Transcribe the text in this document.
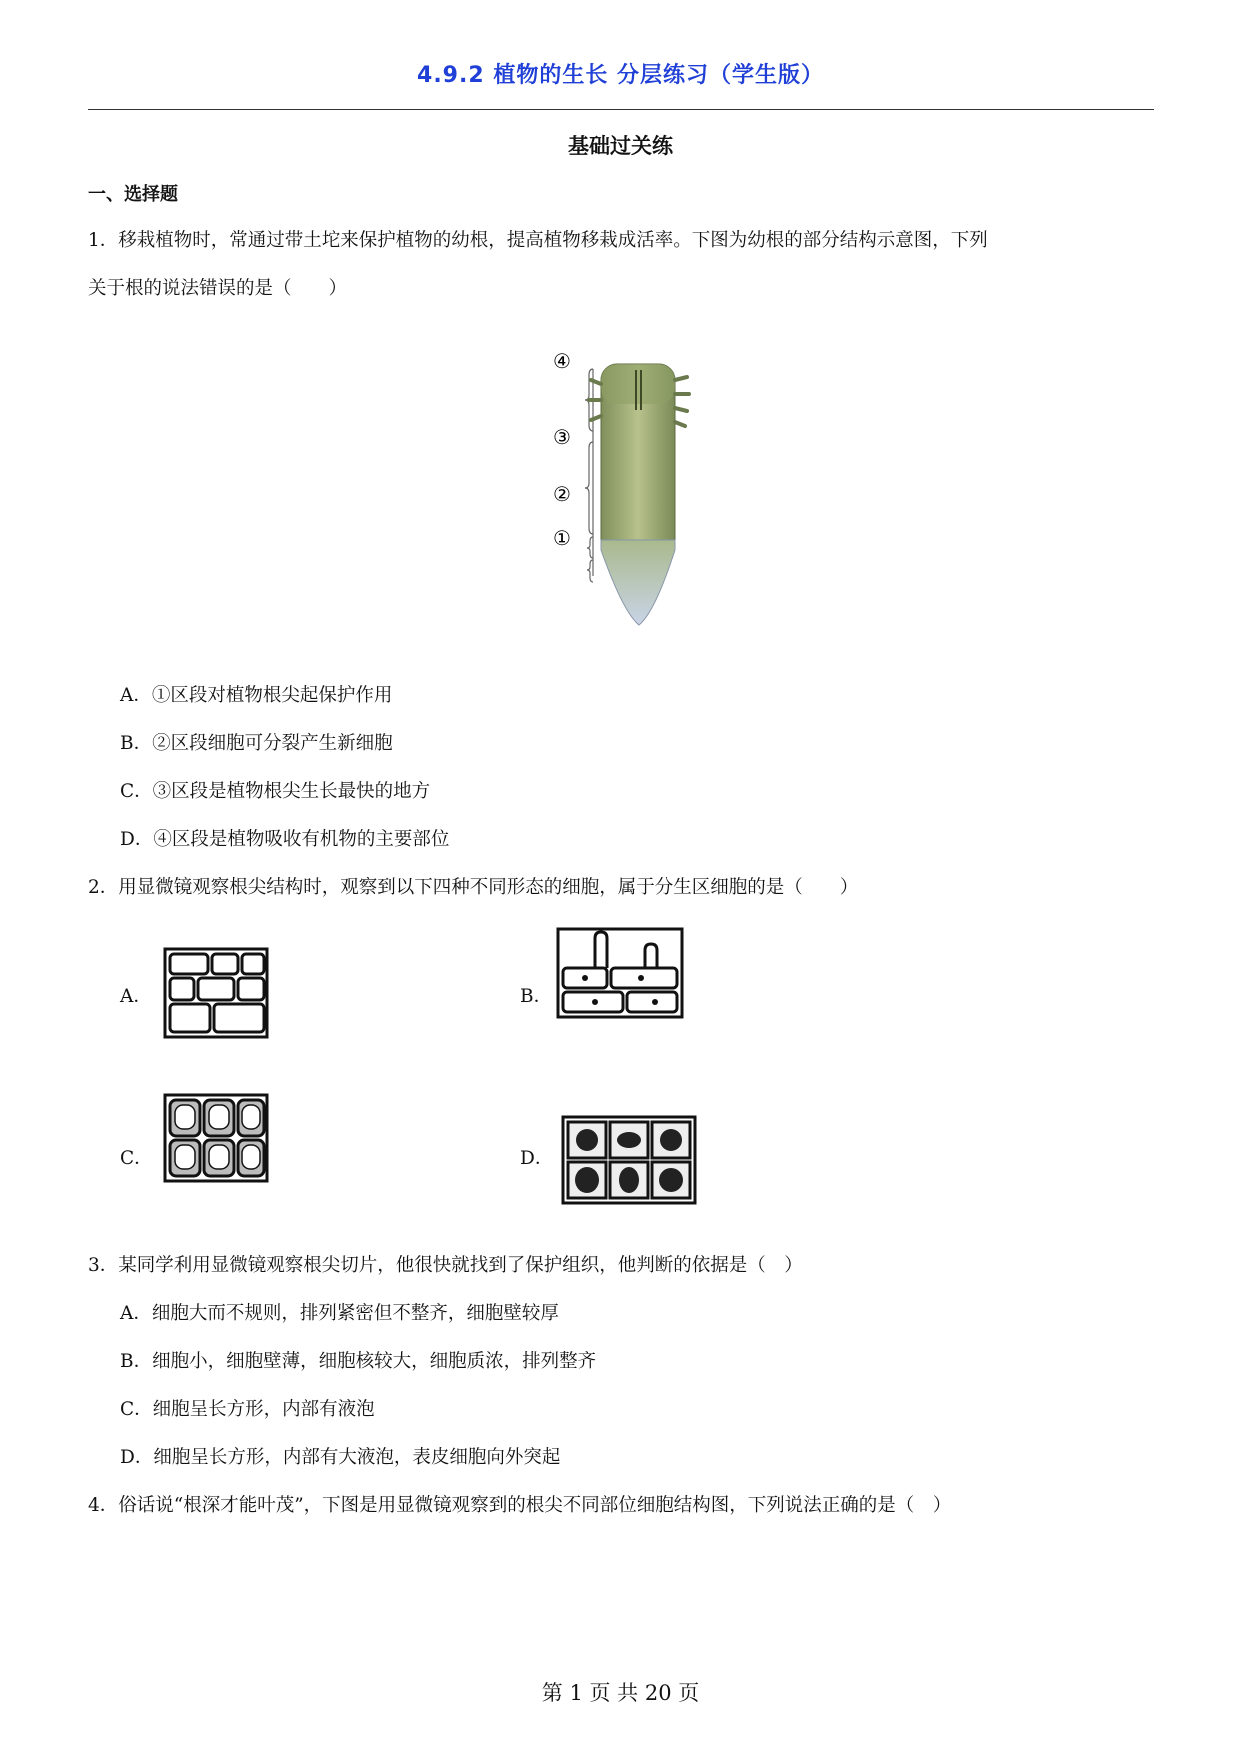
4.9.2 植物的生长 分层练习（学生版）
基础过关练
一、选择题
1．移栽植物时，常通过带土坨来保护植物的幼根，提高植物移栽成活率。下图为幼根的部分结构示意图，下列
关于根的说法错误的是（　　）
④
③
②
①
A．①区段对植物根尖起保护作用
B．②区段细胞可分裂产生新细胞
C．③区段是植物根尖生长最快的地方
D．④区段是植物吸收有机物的主要部位
2．用显微镜观察根尖结构时，观察到以下四种不同形态的细胞，属于分生区细胞的是（　　）
A．	B．
C．	D．
3．某同学利用显微镜观察根尖切片，他很快就找到了保护组织，他判断的依据是（　）
A．细胞大而不规则，排列紧密但不整齐，细胞壁较厚
B．细胞小，细胞壁薄，细胞核较大，细胞质浓，排列整齐
C．细胞呈长方形，内部有液泡
D．细胞呈长方形，内部有大液泡，表皮细胞向外突起
4．俗话说“根深才能叶茂”，下图是用显微镜观察到的根尖不同部位细胞结构图，下列说法正确的是（　）
第 1 页 共 20 页
